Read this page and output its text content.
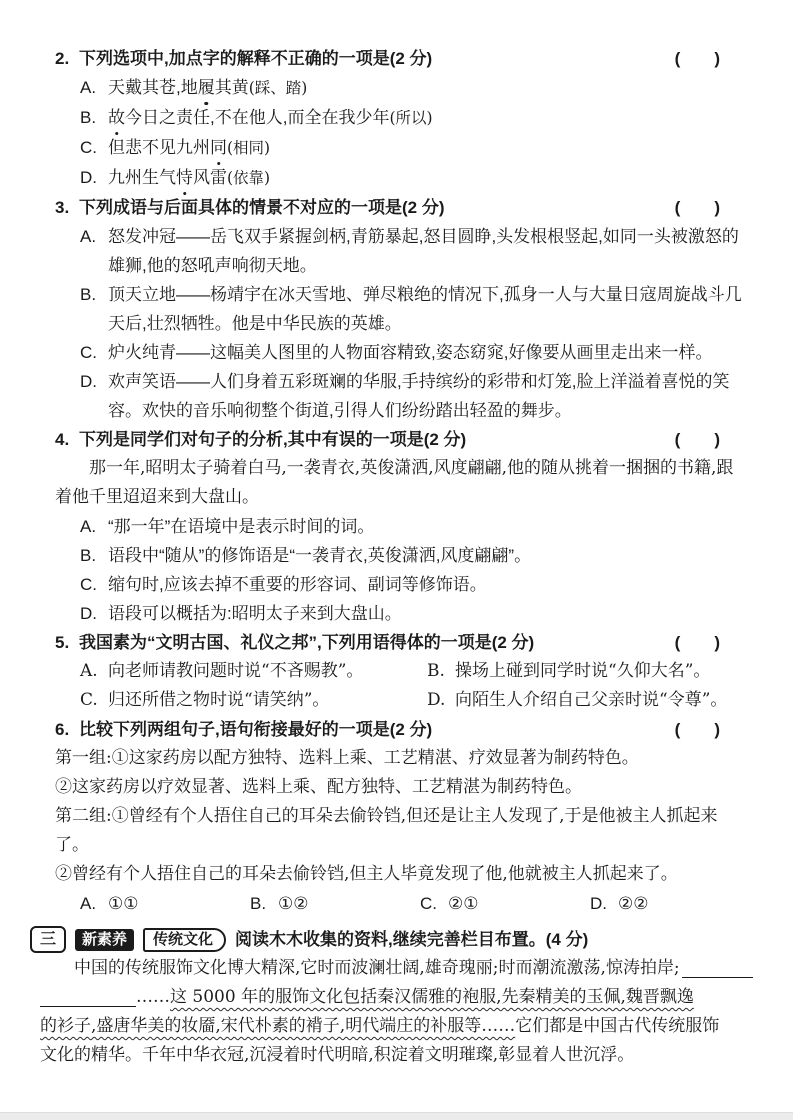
2. 下列选项中,加点字的解释不正确的一项是(2 分)	(　　)
A. 天戴其苍,地履其黄(踩、踏)
B. 故今日之责任,不在他人,而全在我少年(所以)
C. 但悲不见九州同(相同)
D. 九州生气恃风雷(依靠)
3. 下列成语与后面具体的情景不对应的一项是(2 分)	(　　)
A. 怒发冲冠——岳飞双手紧握剑柄,青筋暴起,怒目圆睁,头发根根竖起,如同一头被激怒的雄狮,他的怒吼声响彻天地。
B. 顶天立地——杨靖宇在冰天雪地、弹尽粮绝的情况下,孤身一人与大量日寇周旋战斗几天后,壮烈牺牲。他是中华民族的英雄。
C. 炉火纯青——这幅美人图里的人物面容精致,姿态窈窕,好像要从画里走出来一样。
D. 欢声笑语——人们身着五彩斑斓的华服,手持缤纷的彩带和灯笼,脸上洋溢着喜悦的笑容。欢快的音乐响彻整个街道,引得人们纷纷踏出轻盈的舞步。
4. 下列是同学们对句子的分析,其中有误的一项是(2 分)	(　　)
那一年,昭明太子骑着白马,一袭青衣,英俊潇洒,风度翩翩,他的随从挑着一捆捆的书籍,跟着他千里迢迢来到大盘山。
A. “那一年”在语境中是表示时间的词。
B. 语段中“随从”的修饰语是“一袭青衣,英俊潇洒,风度翩翩”。
C. 缩句时,应该去掉不重要的形容词、副词等修饰语。
D. 语段可以概括为:昭明太子来到大盘山。
5. 我国素为“文明古国、礼仪之邦”,下列用语得体的一项是(2 分)	(　　)
A. 向老师请教问题时说“不吝赐教”。	B. 操场上碰到同学时说“久仰大名”。
C. 归还所借之物时说“请笑纳”。	D. 向陌生人介绍自己父亲时说“令尊”。
6. 比较下列两组句子,语句衔接最好的一项是(2 分)	(　　)
第一组:①这家药房以配方独特、选料上乘、工艺精湛、疗效显著为制药特色。
②这家药房以疗效显著、选料上乘、配方独特、工艺精湛为制药特色。
第二组:①曾经有个人捂住自己的耳朵去偷铃铛,但还是让主人发现了,于是他被主人抓起来了。
②曾经有个人捂住自己的耳朵去偷铃铛,但主人毕竟发现了他,他就被主人抓起来了。
A. ①①	B. ①②	C. ②①	D. ②②
三	新素养	传统文化	阅读木木收集的资料,继续完善栏目布置。(4 分)
中国的传统服饰文化博大精深,它时而波澜壮阔,雄奇瑰丽;时而潮流激荡,惊涛拍岸;
…… 这 5000 年的服饰文化包括秦汉儒雅的袍服,先秦精美的玉佩,魏晋飘逸
的衫子,盛唐华美的妆靥,宋代朴素的褙子,明代端庄的补服等…… 它们都是中国古代传统服饰
文化的精华。千年中华衣冠,沉浸着时代明暗,积淀着文明璀璨,彰显着人世沉浮。
